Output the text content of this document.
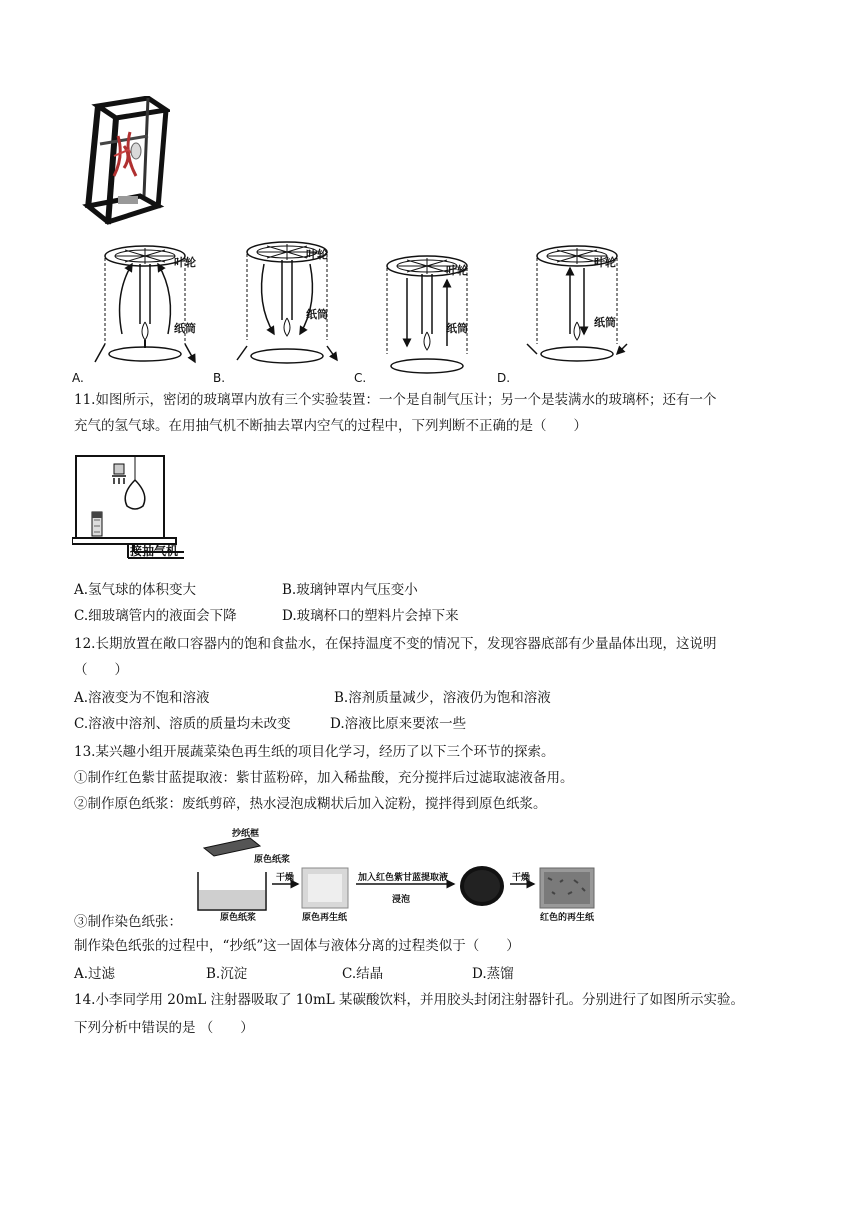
叶轮
纸筒
叶轮
纸筒
叶轮
纸筒
叶轮
纸筒
A.	B.	C.	D.
11.如图所示，密闭的玻璃罩内放有三个实验装置：一个是自制气压计；另一个是装满水的玻璃杯；还有一个
充气的氢气球。在用抽气机不断抽去罩内空气的过程中，下列判断不正确的是（　　）
接抽气机
A.氢气球的体积变大	B.玻璃钟罩内气压变小
C.细玻璃管内的液面会下降	D.玻璃杯口的塑料片会掉下来
12.长期放置在敞口容器内的饱和食盐水，在保持温度不变的情况下，发现容器底部有少量晶体出现，这说明
（　　）
A.溶液变为不饱和溶液	B.溶剂质量减少，溶液仍为饱和溶液
C.溶液中溶剂、溶质的质量均未改变	D.溶液比原来要浓一些
13.某兴趣小组开展蔬菜染色再生纸的项目化学习，经历了以下三个环节的探索。
①制作红色紫甘蓝提取液：紫甘蓝粉碎，加入稀盐酸，充分搅拌后过滤取滤液备用。
②制作原色纸浆：废纸剪碎，热水浸泡成糊状后加入淀粉，搅拌得到原色纸浆。
抄纸框
原色纸浆
干燥
原色纸浆	原色再生纸
加入红色紫甘蓝提取液
浸泡
干燥
红色的再生纸
③制作染色纸张：
制作染色纸张的过程中，“抄纸”这一固体与液体分离的过程类似于（　　）
A.过滤	B.沉淀	C.结晶	D.蒸馏
14.小李同学用 20mL 注射器吸取了 10mL 某碳酸饮料，并用胶头封闭注射器针孔。分别进行了如图所示实验。
下列分析中错误的是 （　　）
